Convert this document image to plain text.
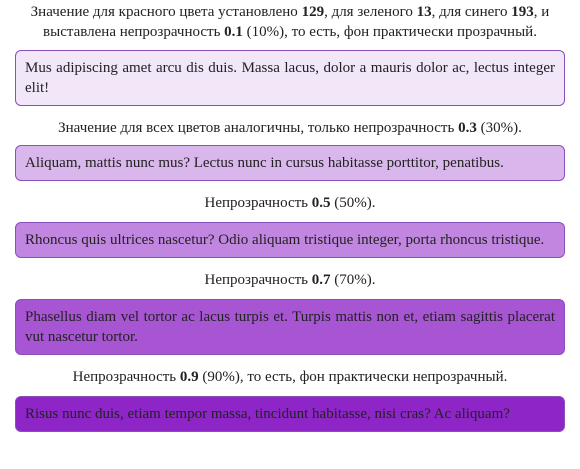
Значение для красного цвета установлено 129, для зеленого 13, для синего 193, и выставлена непрозрачность 0.1 (10%), то есть, фон практически прозрачный.

Mus adipiscing amet arcu dis duis. Massa lacus, dolor a mauris dolor ac, lectus integer elit!

Значение для всех цветов аналогичны, только непрозрачность 0.3 (30%).

Aliquam, mattis nunc mus? Lectus nunc in cursus habitasse porttitor, penatibus.

Непрозрачность 0.5 (50%).

Rhoncus quis ultrices nascetur? Odio aliquam tristique integer, porta rhoncus tristique.

Непрозрачность 0.7 (70%).

Phasellus diam vel tortor ac lacus turpis et. Turpis mattis non et, etiam sagittis placerat vut nascetur tortor.

Непрозрачность 0.9 (90%), то есть, фон практически непрозрачный.

Risus nunc duis, etiam tempor massa, tincidunt habitasse, nisi cras? Ac aliquam?
